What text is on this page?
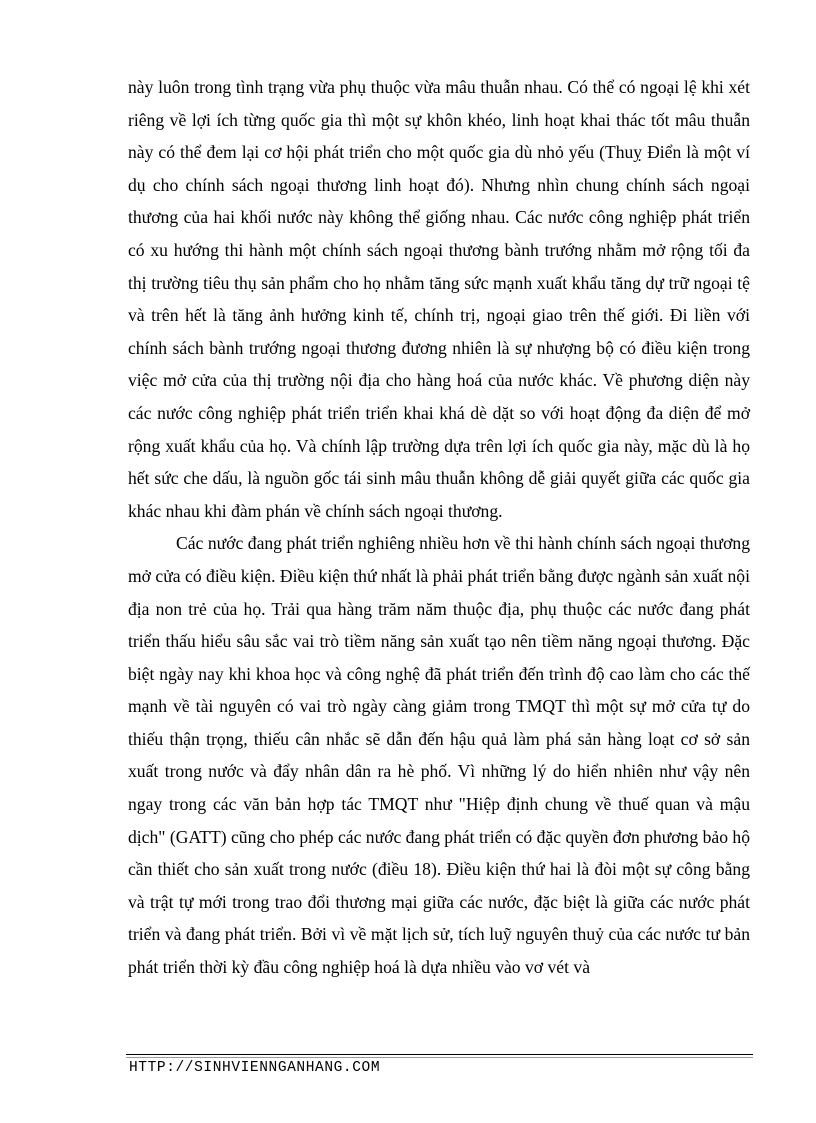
này luôn trong tình trạng vừa phụ thuộc vừa mâu thuẫn nhau. Có thể có ngoại lệ khi xét riêng về lợi ích từng quốc gia thì một sự khôn khéo, linh hoạt khai thác tốt mâu thuẫn này có thể đem lại cơ hội phát triển cho một quốc gia dù nhỏ yếu (Thuỵ Điển là một ví dụ cho chính sách ngoại thương linh hoạt đó). Nhưng nhìn chung chính sách ngoại thương của hai khối nước này không thể giống nhau. Các nước công nghiệp phát triển có xu hướng thi hành một chính sách ngoại thương bành trướng nhằm mở rộng tối đa thị trường tiêu thụ sản phẩm cho họ nhằm tăng sức mạnh xuất khẩu tăng dự trữ ngoại tệ và trên hết là tăng ảnh hưởng kinh tế, chính trị, ngoại giao trên thế giới. Đi liền với chính sách bành trướng ngoại thương đương nhiên là sự nhượng bộ có điều kiện trong việc mở cửa của thị trường nội địa cho hàng hoá của nước khác. Về phương diện này các nước công nghiệp phát triển triển khai khá dè dặt so với hoạt động đa diện để mở rộng xuất khẩu của họ. Và chính lập trường dựa trên lợi ích quốc gia này, mặc dù là họ hết sức che dấu, là nguồn gốc tái sinh mâu thuẫn không dễ giải quyết giữa các quốc gia khác nhau khi đàm phán về chính sách ngoại thương.

Các nước đang phát triển nghiêng nhiều hơn về thi hành chính sách ngoại thương mở cửa có điều kiện. Điều kiện thứ nhất là phải phát triển bằng được ngành sản xuất nội địa non trẻ của họ. Trải qua hàng trăm năm thuộc địa, phụ thuộc các nước đang phát triển thấu hiểu sâu sắc vai trò tiềm năng sản xuất tạo nên tiềm năng ngoại thương. Đặc biệt ngày nay khi khoa học và công nghệ đã phát triển đến trình độ cao làm cho các thế mạnh về tài nguyên có vai trò ngày càng giảm trong TMQT thì một sự mở cửa tự do thiếu thận trọng, thiếu cân nhắc sẽ dẫn đến hậu quả làm phá sản hàng loạt cơ sở sản xuất trong nước và đẩy nhân dân ra hè phố. Vì những lý do hiển nhiên như vậy nên ngay trong các văn bản hợp tác TMQT như "Hiệp định chung về thuế quan và mậu dịch" (GATT) cũng cho phép các nước đang phát triển có đặc quyền đơn phương bảo hộ cần thiết cho sản xuất trong nước (điều 18). Điều kiện thứ hai là đòi một sự công bằng và trật tự mới trong trao đổi thương mại giữa các nước, đặc biệt là giữa các nước phát triển và đang phát triển. Bởi vì về mặt lịch sử, tích luỹ nguyên thuỷ của các nước tư bản phát triển thời kỳ đầu công nghiệp hoá là dựa nhiều vào vơ vét và

HTTP://SINHVIENNGANHANG.COM
